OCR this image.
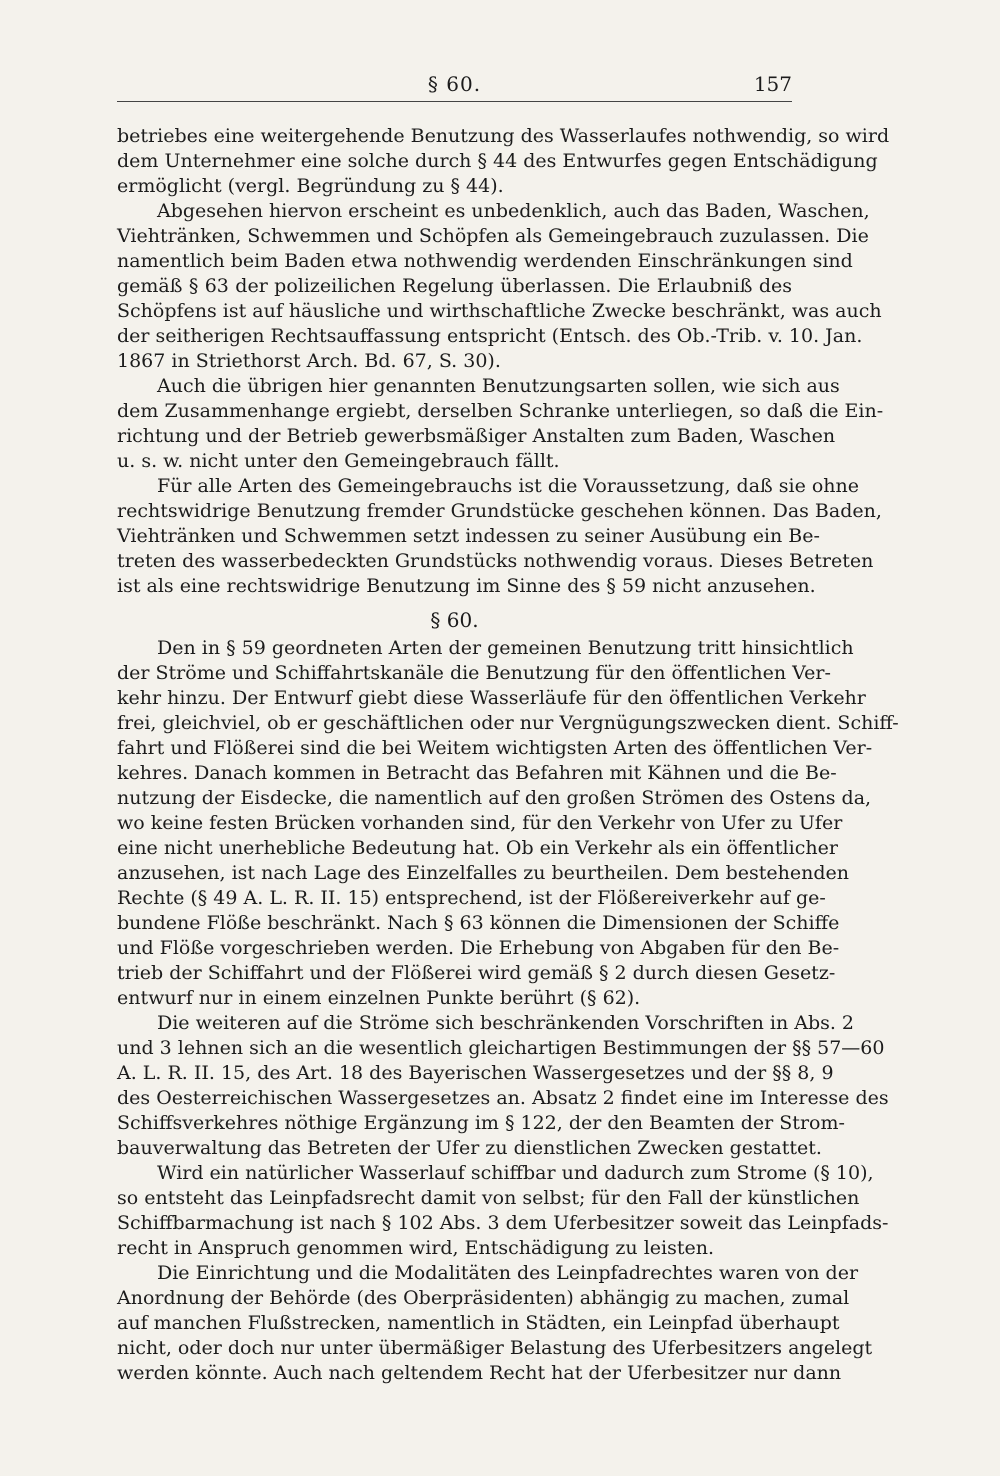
§ 60.	157
betriebes eine weitergehende Benutzung des Wasserlaufes nothwendig, so wird
dem Unternehmer eine solche durch § 44 des Entwurfes gegen Entschädigung
ermöglicht (vergl. Begründung zu § 44).
Abgesehen hiervon erscheint es unbedenklich, auch das Baden, Waschen,
Viehtränken, Schwemmen und Schöpfen als Gemeingebrauch zuzulassen. Die
namentlich beim Baden etwa nothwendig werdenden Einschränkungen sind
gemäß § 63 der polizeilichen Regelung überlassen. Die Erlaubniß des
Schöpfens ist auf häusliche und wirthschaftliche Zwecke beschränkt, was auch
der seitherigen Rechtsauffassung entspricht (Entsch. des Ob.-Trib. v. 10. Jan.
1867 in Striethorst Arch. Bd. 67, S. 30).
Auch die übrigen hier genannten Benutzungsarten sollen, wie sich aus
dem Zusammenhange ergiebt, derselben Schranke unterliegen, so daß die Ein-
richtung und der Betrieb gewerbsmäßiger Anstalten zum Baden, Waschen
u. s. w. nicht unter den Gemeingebrauch fällt.
Für alle Arten des Gemeingebrauchs ist die Voraussetzung, daß sie ohne
rechtswidrige Benutzung fremder Grundstücke geschehen können. Das Baden,
Viehtränken und Schwemmen setzt indessen zu seiner Ausübung ein Be-
treten des wasserbedeckten Grundstücks nothwendig voraus. Dieses Betreten
ist als eine rechtswidrige Benutzung im Sinne des § 59 nicht anzusehen.
§ 60.
Den in § 59 geordneten Arten der gemeinen Benutzung tritt hinsichtlich
der Ströme und Schiffahrtskanäle die Benutzung für den öffentlichen Ver-
kehr hinzu. Der Entwurf giebt diese Wasserläufe für den öffentlichen Verkehr
frei, gleichviel, ob er geschäftlichen oder nur Vergnügungszwecken dient. Schiff-
fahrt und Flößerei sind die bei Weitem wichtigsten Arten des öffentlichen Ver-
kehres. Danach kommen in Betracht das Befahren mit Kähnen und die Be-
nutzung der Eisdecke, die namentlich auf den großen Strömen des Ostens da,
wo keine festen Brücken vorhanden sind, für den Verkehr von Ufer zu Ufer
eine nicht unerhebliche Bedeutung hat. Ob ein Verkehr als ein öffentlicher
anzusehen, ist nach Lage des Einzelfalles zu beurtheilen. Dem bestehenden
Rechte (§ 49 A. L. R. II. 15) entsprechend, ist der Flößereiverkehr auf ge-
bundene Flöße beschränkt. Nach § 63 können die Dimensionen der Schiffe
und Flöße vorgeschrieben werden. Die Erhebung von Abgaben für den Be-
trieb der Schiffahrt und der Flößerei wird gemäß § 2 durch diesen Gesetz-
entwurf nur in einem einzelnen Punkte berührt (§ 62).
Die weiteren auf die Ströme sich beschränkenden Vorschriften in Abs. 2
und 3 lehnen sich an die wesentlich gleichartigen Bestimmungen der §§ 57—60
A. L. R. II. 15, des Art. 18 des Bayerischen Wassergesetzes und der §§ 8, 9
des Oesterreichischen Wassergesetzes an. Absatz 2 findet eine im Interesse des
Schiffsverkehres nöthige Ergänzung im § 122, der den Beamten der Strom-
bauverwaltung das Betreten der Ufer zu dienstlichen Zwecken gestattet.
Wird ein natürlicher Wasserlauf schiffbar und dadurch zum Strome (§ 10),
so entsteht das Leinpfadsrecht damit von selbst; für den Fall der künstlichen
Schiffbarmachung ist nach § 102 Abs. 3 dem Uferbesitzer soweit das Leinpfads-
recht in Anspruch genommen wird, Entschädigung zu leisten.
Die Einrichtung und die Modalitäten des Leinpfadrechtes waren von der
Anordnung der Behörde (des Oberpräsidenten) abhängig zu machen, zumal
auf manchen Flußstrecken, namentlich in Städten, ein Leinpfad überhaupt
nicht, oder doch nur unter übermäßiger Belastung des Uferbesitzers angelegt
werden könnte. Auch nach geltendem Recht hat der Uferbesitzer nur dann
